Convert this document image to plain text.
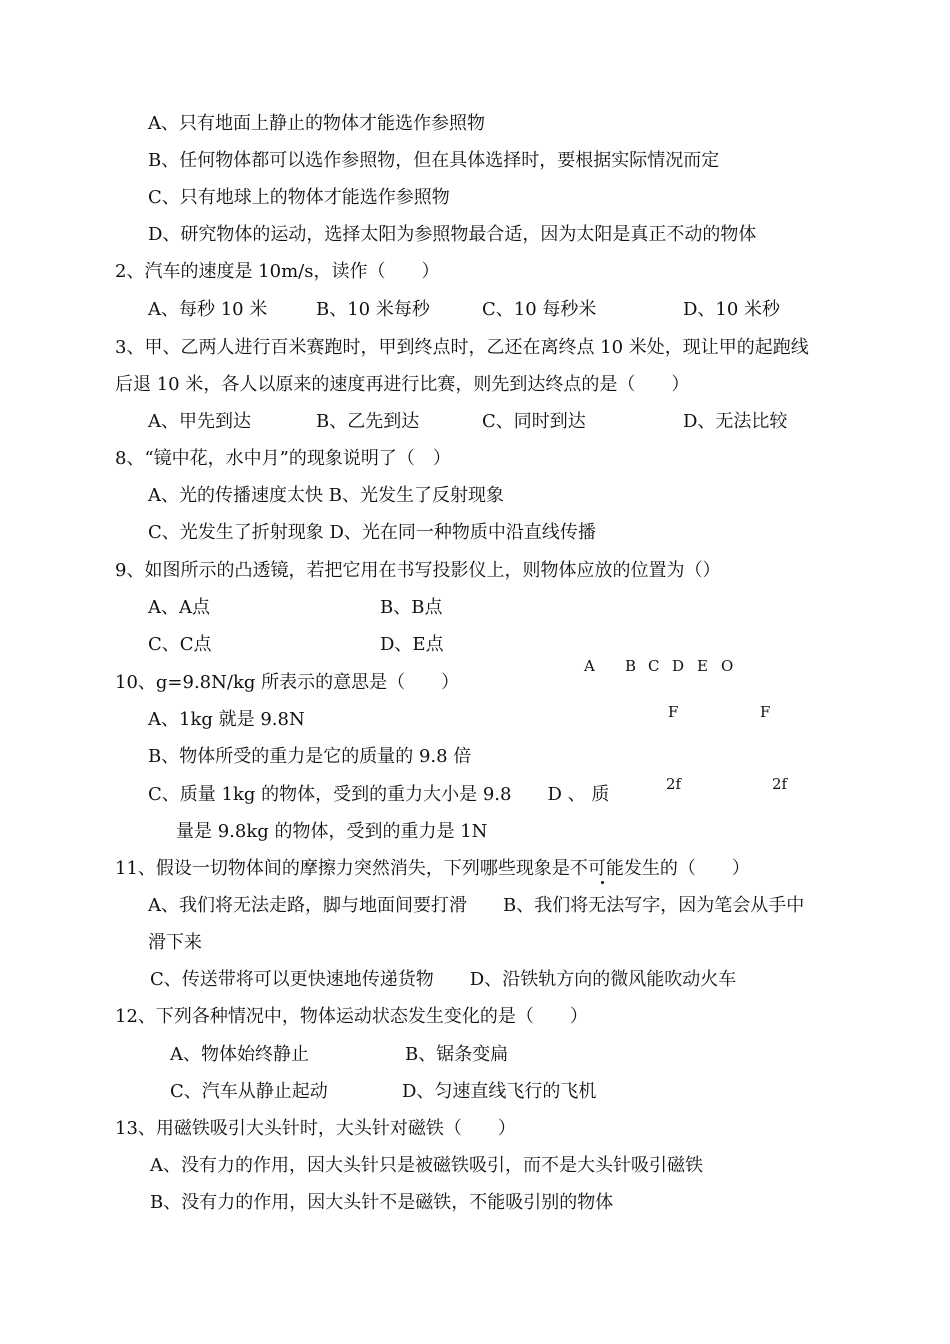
A、只有地面上静止的物体才能选作参照物
B、任何物体都可以选作参照物，但在具体选择时，要根据实际情况而定
C、只有地球上的物体才能选作参照物
D、研究物体的运动，选择太阳为参照物最合适，因为太阳是真正不动的物体
2、汽车的速度是 10m/s，读作（　　）
A、每秒 10 米	B、10 米每秒	C、10 每秒米	D、10 米秒
3、甲、乙两人进行百米赛跑时，甲到终点时，乙还在离终点 10 米处，现让甲的起跑线
后退 10 米，各人以原来的速度再进行比赛，则先到达终点的是（　　）
A、甲先到达	B、乙先到达	C、同时到达	D、无法比较
8、“镜中花，水中月”的现象说明了（　）
A、光的传播速度太快 B、光发生了反射现象
C、光发生了折射现象 D、光在同一种物质中沿直线传播
9、如图所示的凸透镜，若把它用在书写投影仪上，则物体应放的位置为（）
A、A点	B、B点
C、C点	D、E点
A B C D E O
F	F
2f	2f
10、g=9.8N/kg 所表示的意思是（　　）
A、1kg 就是 9.8N
B、物体所受的重力是它的质量的 9.8 倍
C、质量 1kg 的物体，受到的重力大小是 9.8　　D 、 质
量是 9.8kg 的物体，受到的重力是 1N
11、假设一切物体间的摩擦力突然消失，下列哪些现象是不可能发生的（　　）
A、我们将无法走路，脚与地面间要打滑　　B、我们将无法写字，因为笔会从手中
滑下来
C、传送带将可以更快速地传递货物　　D、沿铁轨方向的微风能吹动火车
12、下列各种情况中，物体运动状态发生变化的是（　　）
A、物体始终静止	B、锯条变扁
C、汽车从静止起动	D、匀速直线飞行的飞机
13、用磁铁吸引大头针时，大头针对磁铁（　　）
A、没有力的作用，因大头针只是被磁铁吸引，而不是大头针吸引磁铁
B、没有力的作用，因大头针不是磁铁，不能吸引别的物体
